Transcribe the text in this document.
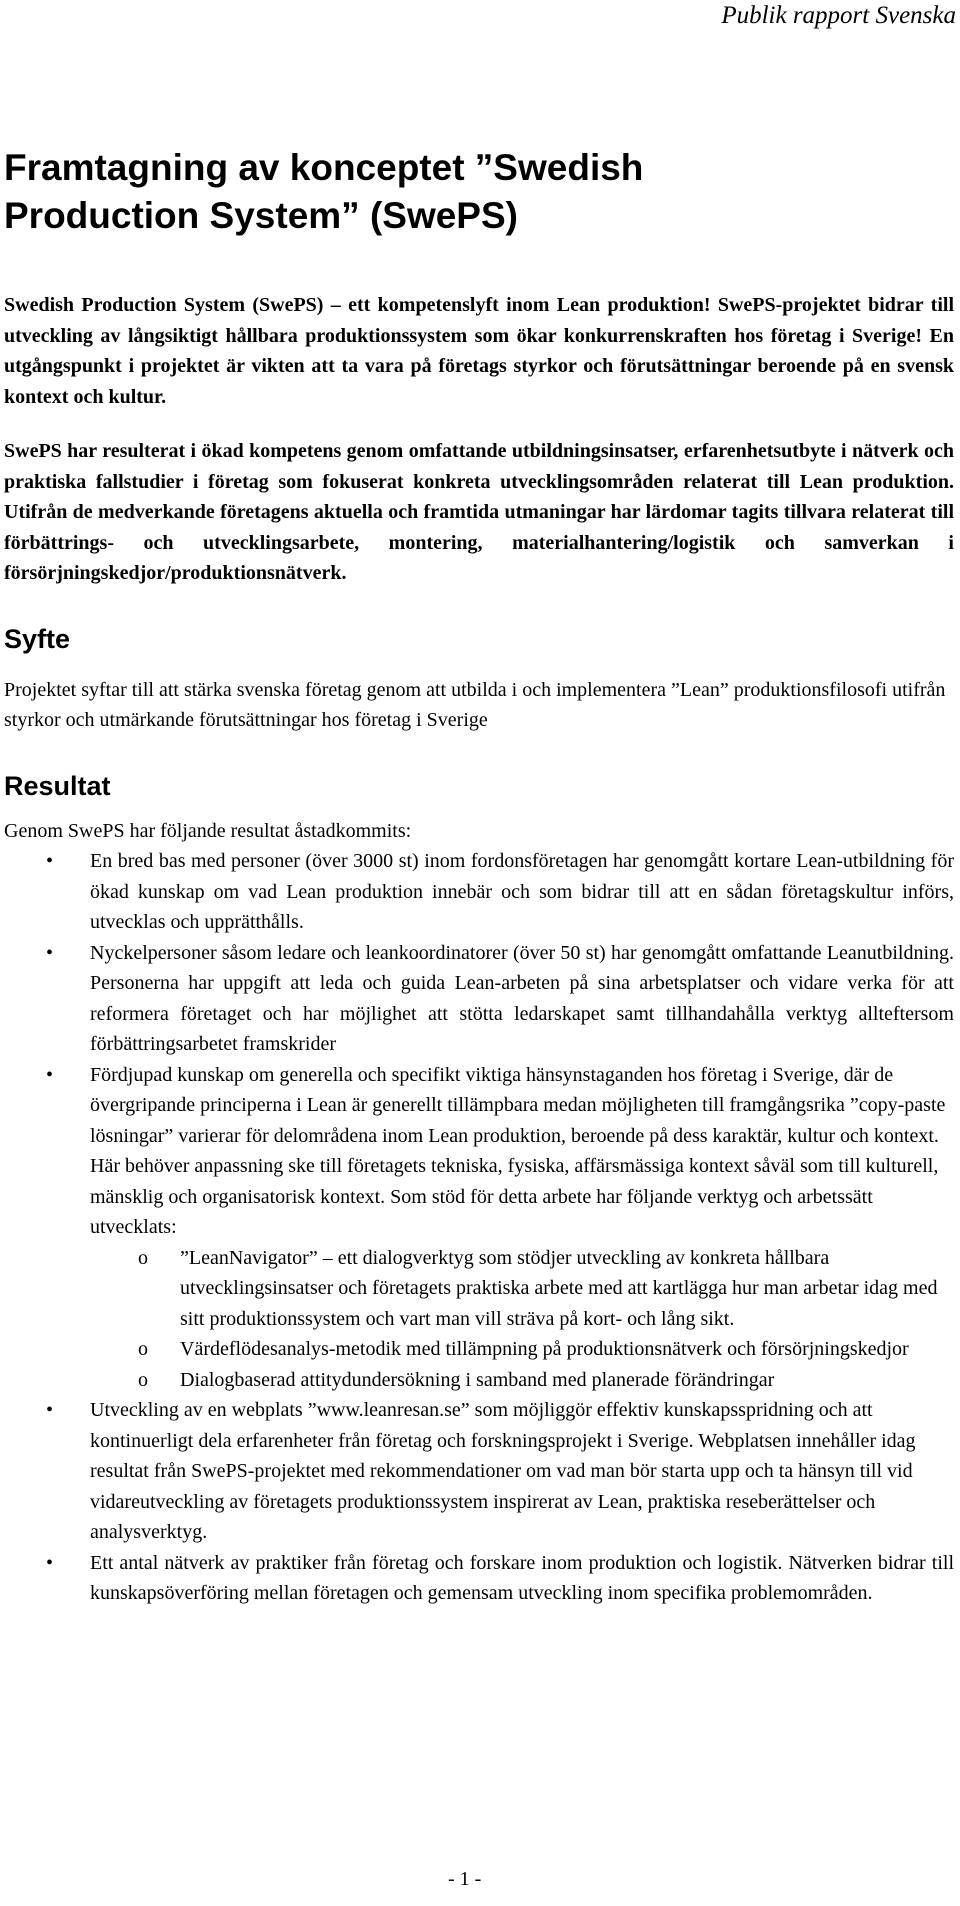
Publik rapport Svenska
Framtagning av konceptet ”Swedish
Production System” (SwePS)

Swedish Production System (SwePS) – ett kompetenslyft inom Lean produktion! SwePS-projektet bidrar till utveckling av långsiktigt hållbara produktionssystem som ökar konkurrenskraften hos företag i Sverige! En utgångspunkt i projektet är vikten att ta vara på företags styrkor och förutsättningar beroende på en svensk kontext och kultur.

SwePS har resulterat i ökad kompetens genom omfattande utbildningsinsatser, erfarenhetsutbyte i nätverk och praktiska fallstudier i företag som fokuserat konkreta utvecklingsområden relaterat till Lean produktion. Utifrån de medverkande företagens aktuella och framtida utmaningar har lärdomar tagits tillvara relaterat till förbättrings- och utvecklingsarbete, montering, materialhantering/logistik och samverkan i försörjningskedjor/produktionsnätverk.

Syfte

Projektet syftar till att stärka svenska företag genom att utbilda i och implementera ”Lean” produktionsfilosofi utifrån styrkor och utmärkande förutsättningar hos företag i Sverige

Resultat

Genom SwePS har följande resultat åstadkommits:

• En bred bas med personer (över 3000 st) inom fordonsföretagen har genomgått kortare Lean-utbildning för ökad kunskap om vad Lean produktion innebär och som bidrar till att en sådan företagskultur införs, utvecklas och upprätthålls.
• Nyckelpersoner såsom ledare och leankoordinatorer (över 50 st) har genomgått omfattande Leanutbildning. Personerna har uppgift att leda och guida Lean-arbeten på sina arbetsplatser och vidare verka för att reformera företaget och har möjlighet att stötta ledarskapet samt tillhandahålla verktyg allteftersom förbättringsarbetet framskrider
• Fördjupad kunskap om generella och specifikt viktiga hänsynstaganden hos företag i Sverige, där de övergripande principerna i Lean är generellt tillämpbara medan möjligheten till framgångsrika ”copy-paste lösningar” varierar för delområdena inom Lean produktion, beroende på dess karaktär, kultur och kontext. Här behöver anpassning ske till företagets tekniska, fysiska, affärsmässiga kontext såväl som till kulturell, mänsklig och organisatorisk kontext. Som stöd för detta arbete har följande verktyg och arbetssätt utvecklats:
o ”LeanNavigator” – ett dialogverktyg som stödjer utveckling av konkreta hållbara utvecklingsinsatser och företagets praktiska arbete med att kartlägga hur man arbetar idag med sitt produktionssystem och vart man vill sträva på kort- och lång sikt.
o Värdeflödesanalys-metodik med tillämpning på produktionsnätverk och försörjningskedjor
o Dialogbaserad attitydundersökning i samband med planerade förändringar
• Utveckling av en webplats ”www.leanresan.se” som möjliggör effektiv kunskapsspridning och att kontinuerligt dela erfarenheter från företag och forskningsprojekt i Sverige. Webplatsen innehåller idag resultat från SwePS-projektet med rekommendationer om vad man bör starta upp och ta hänsyn till vid vidareutveckling av företagets produktionssystem inspirerat av Lean, praktiska reseberättelser och analysverktyg.
• Ett antal nätverk av praktiker från företag och forskare inom produktion och logistik. Nätverken bidrar till kunskapsöverföring mellan företagen och gemensam utveckling inom specifika problemområden.
- 1 -
